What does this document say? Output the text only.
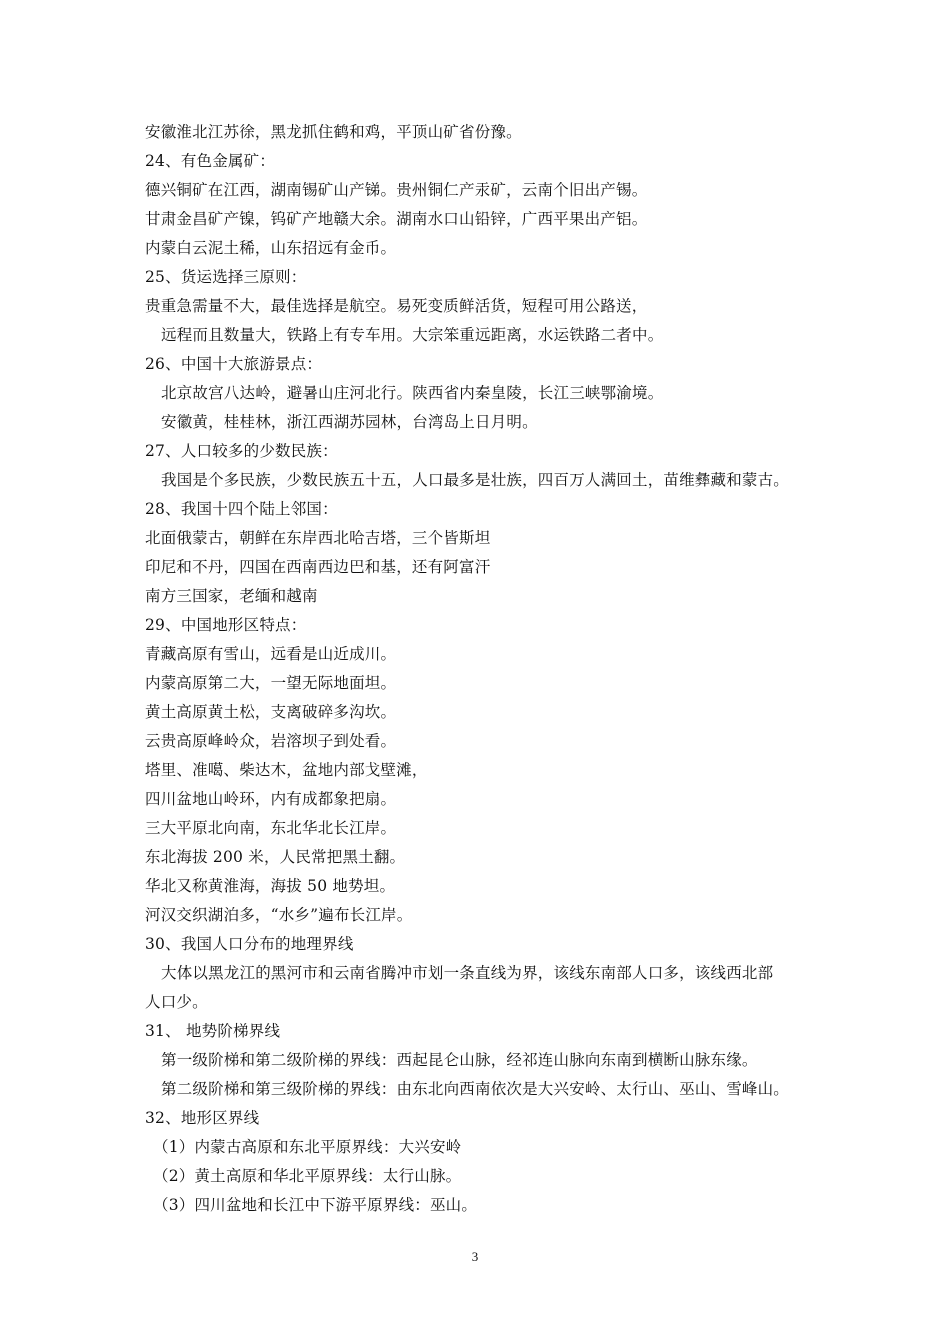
安徽淮北江苏徐，黑龙抓住鹤和鸡，平顶山矿省份豫。
24、有色金属矿：
德兴铜矿在江西，湖南锡矿山产锑。贵州铜仁产汞矿，云南个旧出产锡。
甘肃金昌矿产镍，钨矿产地赣大余。湖南水口山铅锌，广西平果出产铝。
内蒙白云泥土稀，山东招远有金币。
25、货运选择三原则：
贵重急需量不大，最佳选择是航空。易死变质鲜活货，短程可用公路送，
远程而且数量大，铁路上有专车用。大宗笨重远距离，水运铁路二者中。
26、中国十大旅游景点：
北京故宫八达岭，避暑山庄河北行。陕西省内秦皇陵，长江三峡鄂渝境。
安徽黄，桂桂林，浙江西湖苏园林，台湾岛上日月明。
27、人口较多的少数民族：
我国是个多民族，少数民族五十五，人口最多是壮族，四百万人满回土，苗维彝藏和蒙古。
28、我国十四个陆上邻国：
北面俄蒙古，朝鲜在东岸西北哈吉塔，三个皆斯坦
印尼和不丹，四国在西南西边巴和基，还有阿富汗
南方三国家，老缅和越南
29、中国地形区特点：
青藏高原有雪山，远看是山近成川。
内蒙高原第二大，一望无际地面坦。
黄土高原黄土松，支离破碎多沟坎。
云贵高原峰岭众，岩溶坝子到处看。
塔里、准噶、柴达木，盆地内部戈壁滩，
四川盆地山岭环，内有成都象把扇。
三大平原北向南，东北华北长江岸。
东北海拔 200 米，人民常把黑土翻。
华北又称黄淮海，海拔 50 地势坦。
河汉交织湖泊多，“水乡”遍布长江岸。
30、我国人口分布的地理界线
大体以黑龙江的黑河市和云南省腾冲市划一条直线为界，该线东南部人口多，该线西北部
人口少。
31、 地势阶梯界线
第一级阶梯和第二级阶梯的界线：西起昆仑山脉，经祁连山脉向东南到横断山脉东缘。
第二级阶梯和第三级阶梯的界线：由东北向西南依次是大兴安岭、太行山、巫山、雪峰山。
32、地形区界线
（1）内蒙古高原和东北平原界线：大兴安岭
（2）黄土高原和华北平原界线：太行山脉。
（3）四川盆地和长江中下游平原界线：巫山。
3
